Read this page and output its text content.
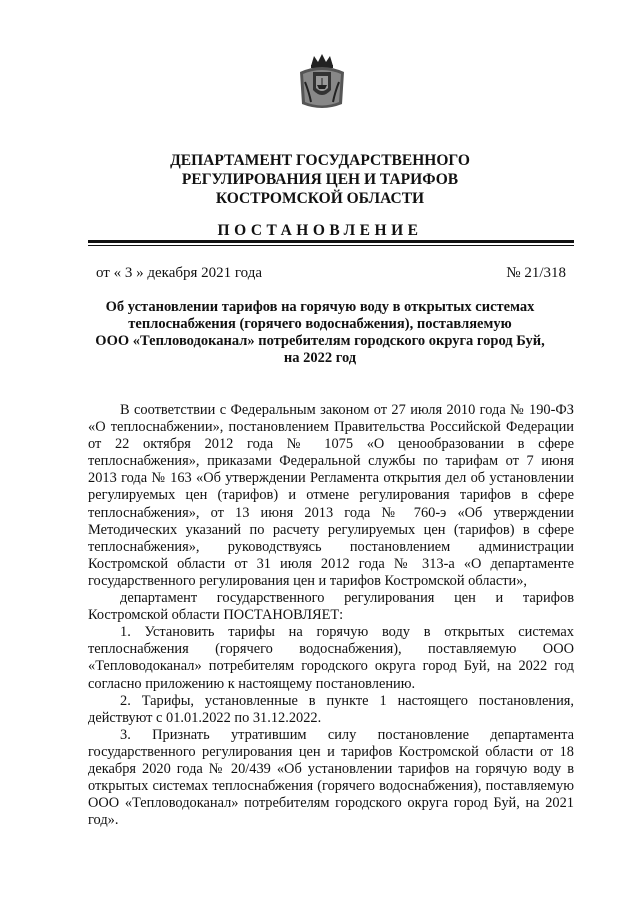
ДЕПАРТАМЕНТ ГОСУДАРСТВЕННОГО
РЕГУЛИРОВАНИЯ ЦЕН И ТАРИФОВ
КОСТРОМСКОЙ ОБЛАСТИ
ПОСТАНОВЛЕНИЕ
от « 3 » декабря 2021 года	№ 21/318
Об установлении тарифов на горячую воду в открытых системах
теплоснабжения (горячего водоснабжения), поставляемую
ООО «Тепловодоканал» потребителям городского округа город Буй,
на 2022 год

В соответствии с Федеральным законом от 27 июля 2010 года № 190-ФЗ «О теплоснабжении», постановлением Правительства Российской Федерации от 22 октября 2012 года № 1075 «О ценообразовании в сфере теплоснабжения», приказами Федеральной службы по тарифам от 7 июня 2013 года № 163 «Об утверждении Регламента открытия дел об установлении регулируемых цен (тарифов) и отмене регулирования тарифов в сфере теплоснабжения», от 13 июня 2013 года № 760-э «Об утверждении Методических указаний по расчету регулируемых цен (тарифов) в сфере теплоснабжения», руководствуясь постановлением администрации Костромской области от 31 июля 2012 года № 313-а «О департаменте государственного регулирования цен и тарифов Костромской области»,

департамент государственного регулирования цен и тарифов Костромской области ПОСТАНОВЛЯЕТ:

1. Установить тарифы на горячую воду в открытых системах теплоснабжения (горячего водоснабжения), поставляемую ООО «Тепловодоканал» потребителям городского округа город Буй, на 2022 год согласно приложению к настоящему постановлению.

2. Тарифы, установленные в пункте 1 настоящего постановления, действуют с 01.01.2022 по 31.12.2022.

3. Признать утратившим силу постановление департамента государственного регулирования цен и тарифов Костромской области от 18 декабря 2020 года № 20/439 «Об установлении тарифов на горячую воду в открытых системах теплоснабжения (горячего водоснабжения), поставляемую ООО «Тепловодоканал» потребителям городского округа город Буй, на 2021 год».
